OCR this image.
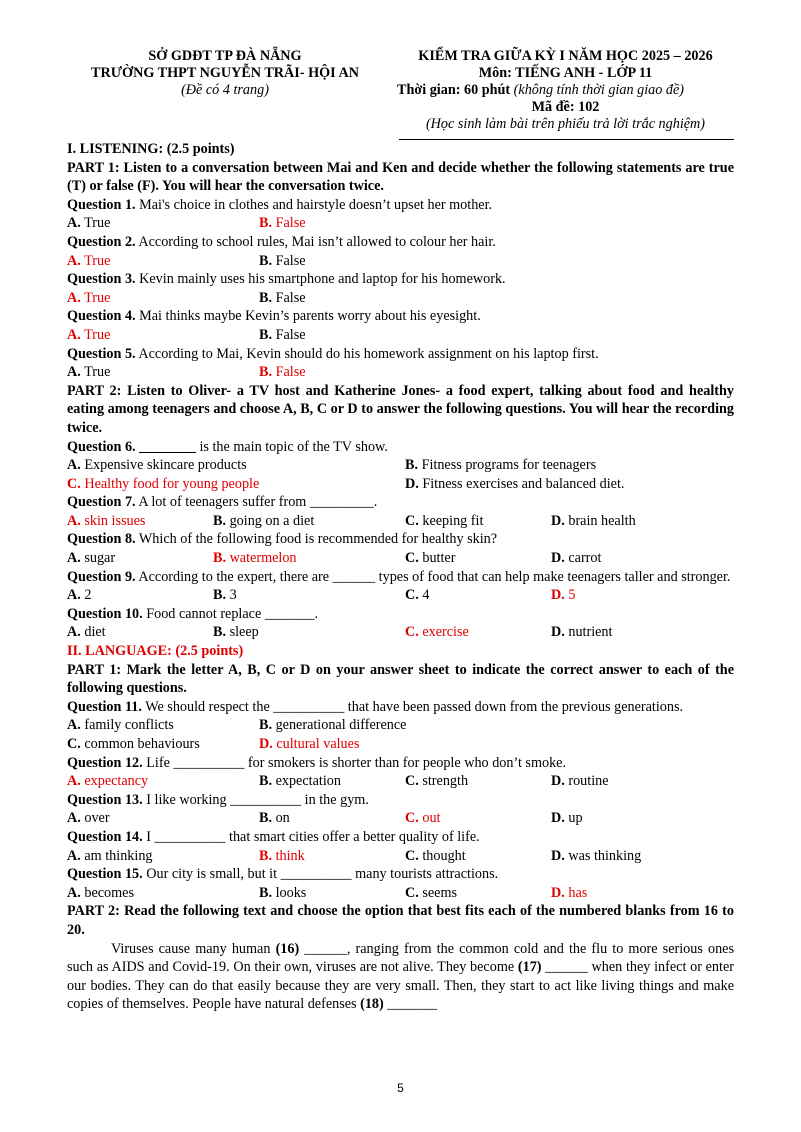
SỞ GDĐT TP ĐÀ NẴNG
TRƯỜNG THPT NGUYỄN TRÃI- HỘI AN
(Đề có 4 trang)
KIỂM TRA GIỮA KỲ I NĂM HỌC 2025 – 2026
Môn: TIẾNG ANH - LỚP 11
Thời gian: 60 phút (không tính thời gian giao đề)
Mã đề: 102
(Học sinh làm bài trên phiếu trả lời trắc nghiệm)

I. LISTENING: (2.5 points)

PART 1: Listen to a conversation between Mai and Ken and decide whether the following statements are true (T) or false (F). You will hear the conversation twice.

Question 1. Mai's choice in clothes and hairstyle doesn’t upset her mother.

A. True	B. False

Question 2. According to school rules, Mai isn’t allowed to colour her hair.

A. True	B. False

Question 3. Kevin mainly uses his smartphone and laptop for his homework.

A. True	B. False

Question 4. Mai thinks maybe Kevin’s parents worry about his eyesight.

A. True	B. False

Question 5. According to Mai, Kevin should do his homework assignment on his laptop first.

A. True	B. False

PART 2: Listen to Oliver- a TV host and Katherine Jones- a food expert, talking about food and healthy eating among teenagers and choose A, B, C or D to answer the following questions. You will hear the recording twice.

Question 6. ________ is the main topic of the TV show.

A. Expensive skincare products	B. Fitness programs for teenagers
C. Healthy food for young people	D. Fitness exercises and balanced diet.

Question 7. A lot of teenagers suffer from _________.

A. skin issues	B. going on a diet	C. keeping fit	D. brain health

Question 8. Which of the following food is recommended for healthy skin?

A. sugar	B. watermelon	C. butter	D. carrot

Question 9. According to the expert, there are ______ types of food that can help make teenagers taller and stronger.

A. 2	B. 3	C. 4	D. 5

Question 10. Food cannot replace _______.

A. diet	B. sleep	C. exercise	D. nutrient

II. LANGUAGE: (2.5 points)

PART 1: Mark the letter A, B, C or D on your answer sheet to indicate the correct answer to each of the following questions.

Question 11. We should respect the __________ that have been passed down from the previous generations.

A. family conflicts	B. generational difference
C. common behaviours	D. cultural values

Question 12. Life __________ for smokers is shorter than for people who don’t smoke.

A. expectancy	B. expectation	C. strength	D. routine

Question 13. I like working __________ in the gym.

A. over	B. on	C. out	D. up

Question 14. I __________ that smart cities offer a better quality of life.

A. am thinking	B. think	C. thought	D. was thinking

Question 15. Our city is small, but it __________ many tourists attractions.

A. becomes	B. looks	C. seems	D. has

PART 2: Read the following text and choose the option that best fits each of the numbered blanks from 16 to 20.

Viruses cause many human (16) ______, ranging from the common cold and the flu to more serious ones such as AIDS and Covid-19. On their own, viruses are not alive. They become (17) ______ when they infect or enter our bodies. They can do that easily because they are very small. Then, they start to act like living things and make copies of themselves. People have natural defenses (18) _______

5
